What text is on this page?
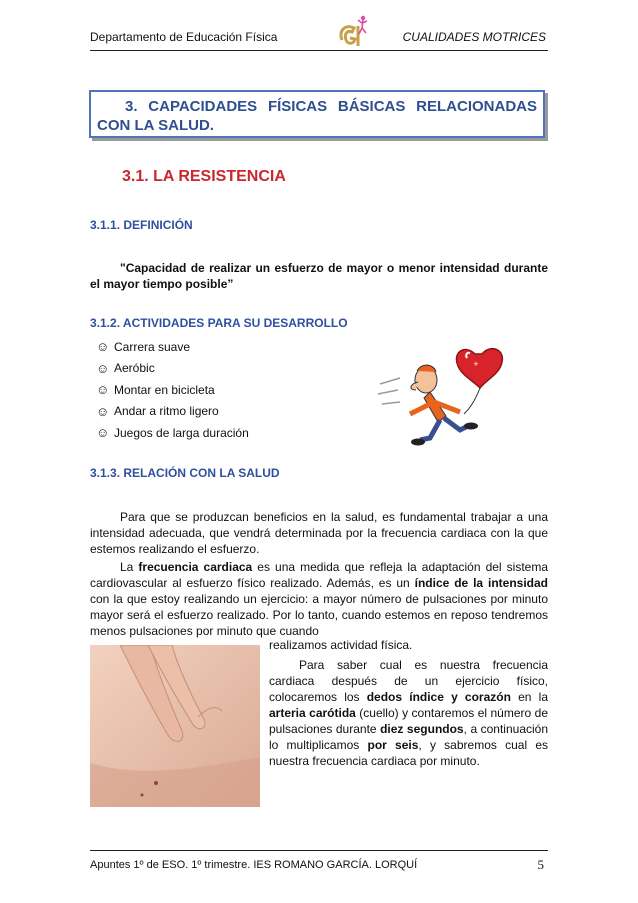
Departamento de Educación Física	CUALIDADES MOTRICES
3. CAPACIDADES FÍSICAS BÁSICAS RELACIONADAS CON LA SALUD.
3.1. LA RESISTENCIA
3.1.1. DEFINICIÓN
"Capacidad de realizar un esfuerzo de mayor o menor intensidad durante el mayor tiempo posible”
3.1.2. ACTIVIDADES PARA SU DESARROLLO
☺ Carrera suave
☺ Aeróbic
☺ Montar en bicicleta
☺ Andar a ritmo ligero
☺ Juegos de larga duración
+
3.1.3. RELACIÓN CON LA SALUD
Para que se produzcan beneficios en la salud, es fundamental trabajar a una intensidad adecuada, que vendrá determinada por la frecuencia cardiaca con la que estemos realizando el esfuerzo.
La frecuencia cardiaca es una medida que refleja la adaptación del sistema cardiovascular al esfuerzo físico realizado. Además, es un índice de la intensidad con la que estoy realizando un ejercicio: a mayor número de pulsaciones por minuto mayor será el esfuerzo realizado. Por lo tanto, cuando estemos en reposo tendremos menos pulsaciones por minuto que cuando
realizamos actividad física.
Para saber cual es nuestra frecuencia cardiaca después de un ejercicio físico, colocaremos los dedos índice y corazón en la arteria carótida (cuello) y contaremos el número de pulsaciones durante diez segundos, a continuación lo multiplicamos por seis, y sabremos cual es nuestra frecuencia cardiaca por minuto.
Apuntes 1º de ESO. 1º trimestre. IES ROMANO GARCÍA. LORQUÍ	5
